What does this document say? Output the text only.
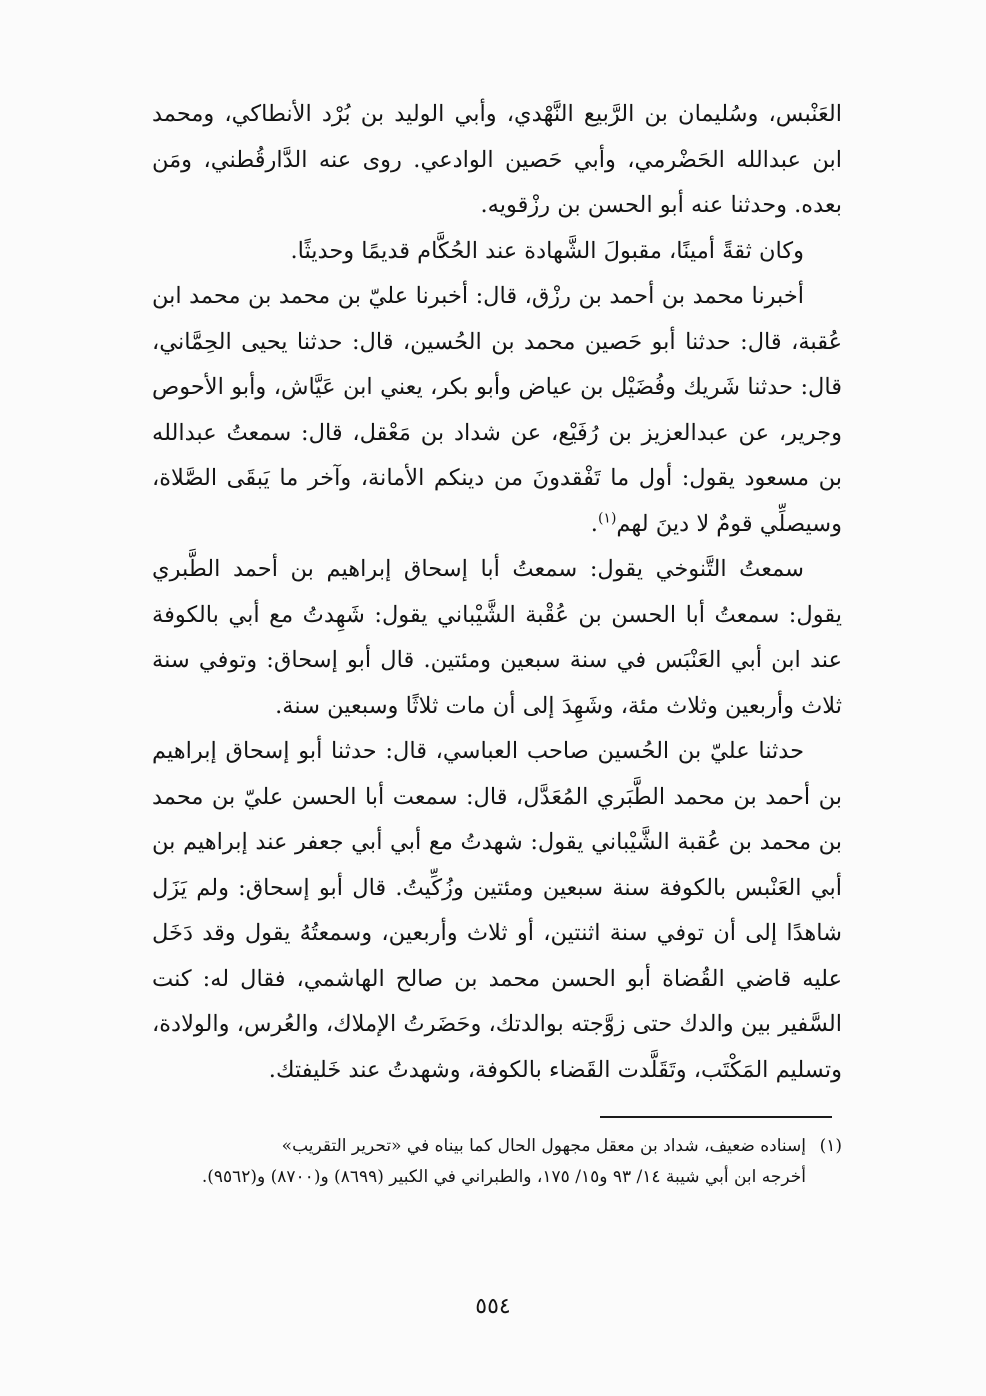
العَنْبس، وسُليمان بن الرَّبيع النَّهْدي، وأبي الوليد بن بُرْد الأنطاكي، ومحمد ابن عبدالله الحَضْرمي، وأبي حَصين الوادعي. روى عنه الدَّارقُطني، ومَن بعده. وحدثنا عنه أبو الحسن بن رزْقويه.

وكان ثقةً أمينًا، مقبولَ الشَّهادة عند الحُكَّام قديمًا وحديثًا.

أخبرنا محمد بن أحمد بن رزْق، قال: أخبرنا عليّ بن محمد بن محمد ابن عُقبة، قال: حدثنا أبو حَصين محمد بن الحُسين، قال: حدثنا يحيى الحِمَّاني، قال: حدثنا شَريك وفُضَيْل بن عياض وأبو بكر، يعني ابن عَيَّاش، وأبو الأحوص وجرير، عن عبدالعزيز بن رُفَيْع، عن شداد بن مَعْقل، قال: سمعتُ عبدالله بن مسعود يقول: أول ما تَفْقدونَ من دينكم الأمانة، وآخر ما يَبقَى الصَّلاة، وسيصلِّي قومٌ لا دينَ لهم$^{(١)}$.

سمعتُ التَّنوخي يقول: سمعتُ أبا إسحاق إبراهيم بن أحمد الطَّبري يقول: سمعتُ أبا الحسن بن عُقْبة الشَّيْباني يقول: شَهِدتُ مع أبي بالكوفة عند ابن أبي العَنْبَس في سنة سبعين ومئتين. قال أبو إسحاق: وتوفي سنة ثلاث وأربعين وثلاث مئة، وشَهِدَ إلى أن مات ثلاثًا وسبعين سنة.

حدثنا عليّ بن الحُسين صاحب العباسي، قال: حدثنا أبو إسحاق إبراهيم بن أحمد بن محمد الطَّبَري المُعَدَّل، قال: سمعت أبا الحسن عليّ بن محمد بن محمد بن عُقبة الشَّيْباني يقول: شهدتُ مع أبي أبي جعفر عند إبراهيم بن أبي العَنْبس بالكوفة سنة سبعين ومئتين وزُكِّيتُ. قال أبو إسحاق: ولم يَزَل شاهدًا إلى أن توفي سنة اثنتين، أو ثلاث وأربعين، وسمعتُهُ يقول وقد دَخَل عليه قاضي القُضاة أبو الحسن محمد بن صالح الهاشمي، فقال له: كنت السَّفير بين والدك حتى زوَّجته بوالدتك، وحَضَرتُ الإملاك، والعُرس، والولادة، وتسليم المَكْتَب، وتَقَلَّدت القَضاء بالكوفة، وشهدتُ عند خَليفتك.

(١)إسناده ضعيف، شداد بن معقل مجهول الحال كما بيناه في «تحرير التقريب»

أخرجه ابن أبي شيبة ١٤/ ٩٣ و١٥/ ١٧٥، والطبراني في الكبير (٨٦٩٩) و(٨٧٠٠) و(٩٥٦٢).

٥٥٤
